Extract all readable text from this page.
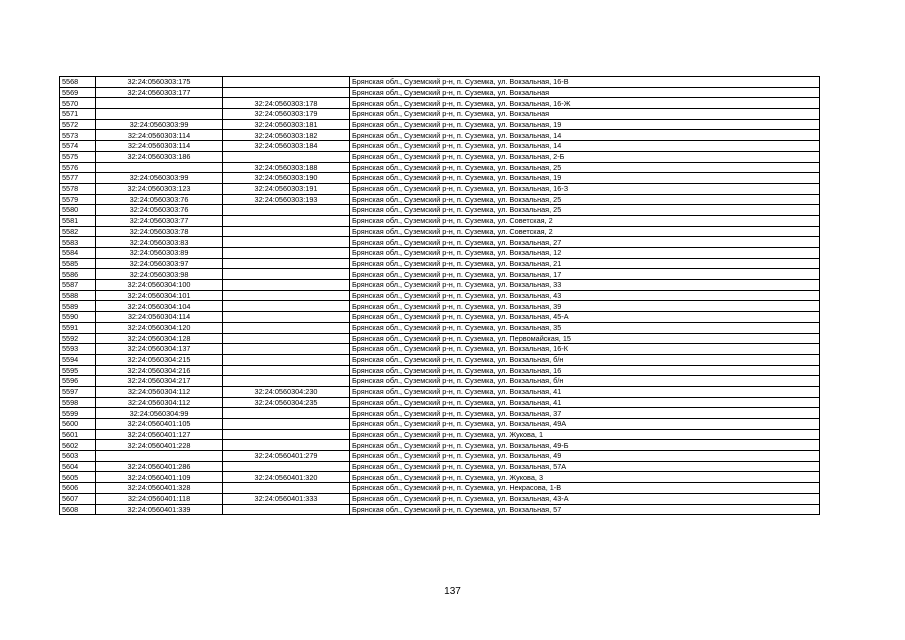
5568	32:24:0560303:175		Брянская обл., Суземский р-н, п. Суземка, ул. Вокзальная, 16-В
5569	32:24:0560303:177		Брянская обл., Суземский р-н, п. Суземка, ул. Вокзальная
5570		32:24:0560303:178	Брянская обл., Суземский р-н, п. Суземка, ул. Вокзальная, 16-Ж
5571		32:24:0560303:179	Брянская обл., Суземский р-н, п. Суземка, ул. Вокзальная
5572	32:24:0560303:99	32:24:0560303:181	Брянская обл., Суземский р-н, п. Суземка, ул. Вокзальная, 19
5573	32:24:0560303:114	32:24:0560303:182	Брянская обл., Суземский р-н, п. Суземка, ул. Вокзальная, 14
5574	32:24:0560303:114	32:24:0560303:184	Брянская обл., Суземский р-н, п. Суземка, ул. Вокзальная, 14
5575	32:24:0560303:186		Брянская обл., Суземский р-н, п. Суземка, ул. Вокзальная, 2-Б
5576		32:24:0560303:188	Брянская обл., Суземский р-н, п. Суземка, ул. Вокзальная, 25
5577	32:24:0560303:99	32:24:0560303:190	Брянская обл., Суземский р-н, п. Суземка, ул. Вокзальная, 19
5578	32:24:0560303:123	32:24:0560303:191	Брянская обл., Суземский р-н, п. Суземка, ул. Вокзальная, 16-З
5579	32:24:0560303:76	32:24:0560303:193	Брянская обл., Суземский р-н, п. Суземка, ул. Вокзальная, 25
5580	32:24:0560303:76		Брянская обл., Суземский р-н, п. Суземка, ул. Вокзальная, 25
5581	32:24:0560303:77		Брянская обл., Суземский р-н, п. Суземка, ул. Советская, 2
5582	32:24:0560303:78		Брянская обл., Суземский р-н, п. Суземка, ул. Советская, 2
5583	32:24:0560303:83		Брянская обл., Суземский р-н, п. Суземка, ул. Вокзальная, 27
5584	32:24:0560303:89		Брянская обл., Суземский р-н, п. Суземка, ул. Вокзальная, 12
5585	32:24:0560303:97		Брянская обл., Суземский р-н, п. Суземка, ул. Вокзальная, 21
5586	32:24:0560303:98		Брянская обл., Суземский р-н, п. Суземка, ул. Вокзальная, 17
5587	32:24:0560304:100		Брянская обл., Суземский р-н, п. Суземка, ул. Вокзальная, 33
5588	32:24:0560304:101		Брянская обл., Суземский р-н, п. Суземка, ул. Вокзальная, 43
5589	32:24:0560304:104		Брянская обл., Суземский р-н, п. Суземка, ул. Вокзальная, 39
5590	32:24:0560304:114		Брянская обл., Суземский р-н, п. Суземка, ул. Вокзальная, 45-А
5591	32:24:0560304:120		Брянская обл., Суземский р-н, п. Суземка, ул. Вокзальная, 35
5592	32:24:0560304:128		Брянская обл., Суземский р-н, п. Суземка, ул. Первомайская, 15
5593	32:24:0560304:137		Брянская обл., Суземский р-н, п. Суземка, ул. Вокзальная, 16-К
5594	32:24:0560304:215		Брянская обл., Суземский р-н, п. Суземка, ул. Вокзальная, б/н
5595	32:24:0560304:216		Брянская обл., Суземский р-н, п. Суземка, ул. Вокзальная, 16
5596	32:24:0560304:217		Брянская обл., Суземский р-н, п. Суземка, ул. Вокзальная, б/н
5597	32:24:0560304:112	32:24:0560304:230	Брянская обл., Суземский р-н, п. Суземка, ул. Вокзальная, 41
5598	32:24:0560304:112	32:24:0560304:235	Брянская обл., Суземский р-н, п. Суземка, ул. Вокзальная, 41
5599	32:24:0560304:99		Брянская обл., Суземский р-н, п. Суземка, ул. Вокзальная, 37
5600	32:24:0560401:105		Брянская обл., Суземский р-н, п. Суземка, ул. Вокзальная, 49А
5601	32:24:0560401:127		Брянская обл., Суземский р-н, п. Суземка, ул. Жукова, 1
5602	32:24:0560401:228		Брянская обл., Суземский р-н, п. Суземка, ул. Вокзальная, 49-Б
5603		32:24:0560401:279	Брянская обл., Суземский р-н, п. Суземка, ул. Вокзальная, 49
5604	32:24:0560401:286		Брянская обл., Суземский р-н, п. Суземка, ул. Вокзальная, 57А
5605	32:24:0560401:109	32:24:0560401:320	Брянская обл., Суземский р-н, п. Суземка, ул. Жукова, 3
5606	32:24:0560401:328		Брянская обл., Суземский р-н, п. Суземка, ул. Некрасова, 1-В
5607	32:24:0560401:118	32:24:0560401:333	Брянская обл., Суземский р-н, п. Суземка, ул. Вокзальная, 43-А
5608	32:24:0560401:339		Брянская обл., Суземский р-н, п. Суземка, ул. Вокзальная, 57
137
